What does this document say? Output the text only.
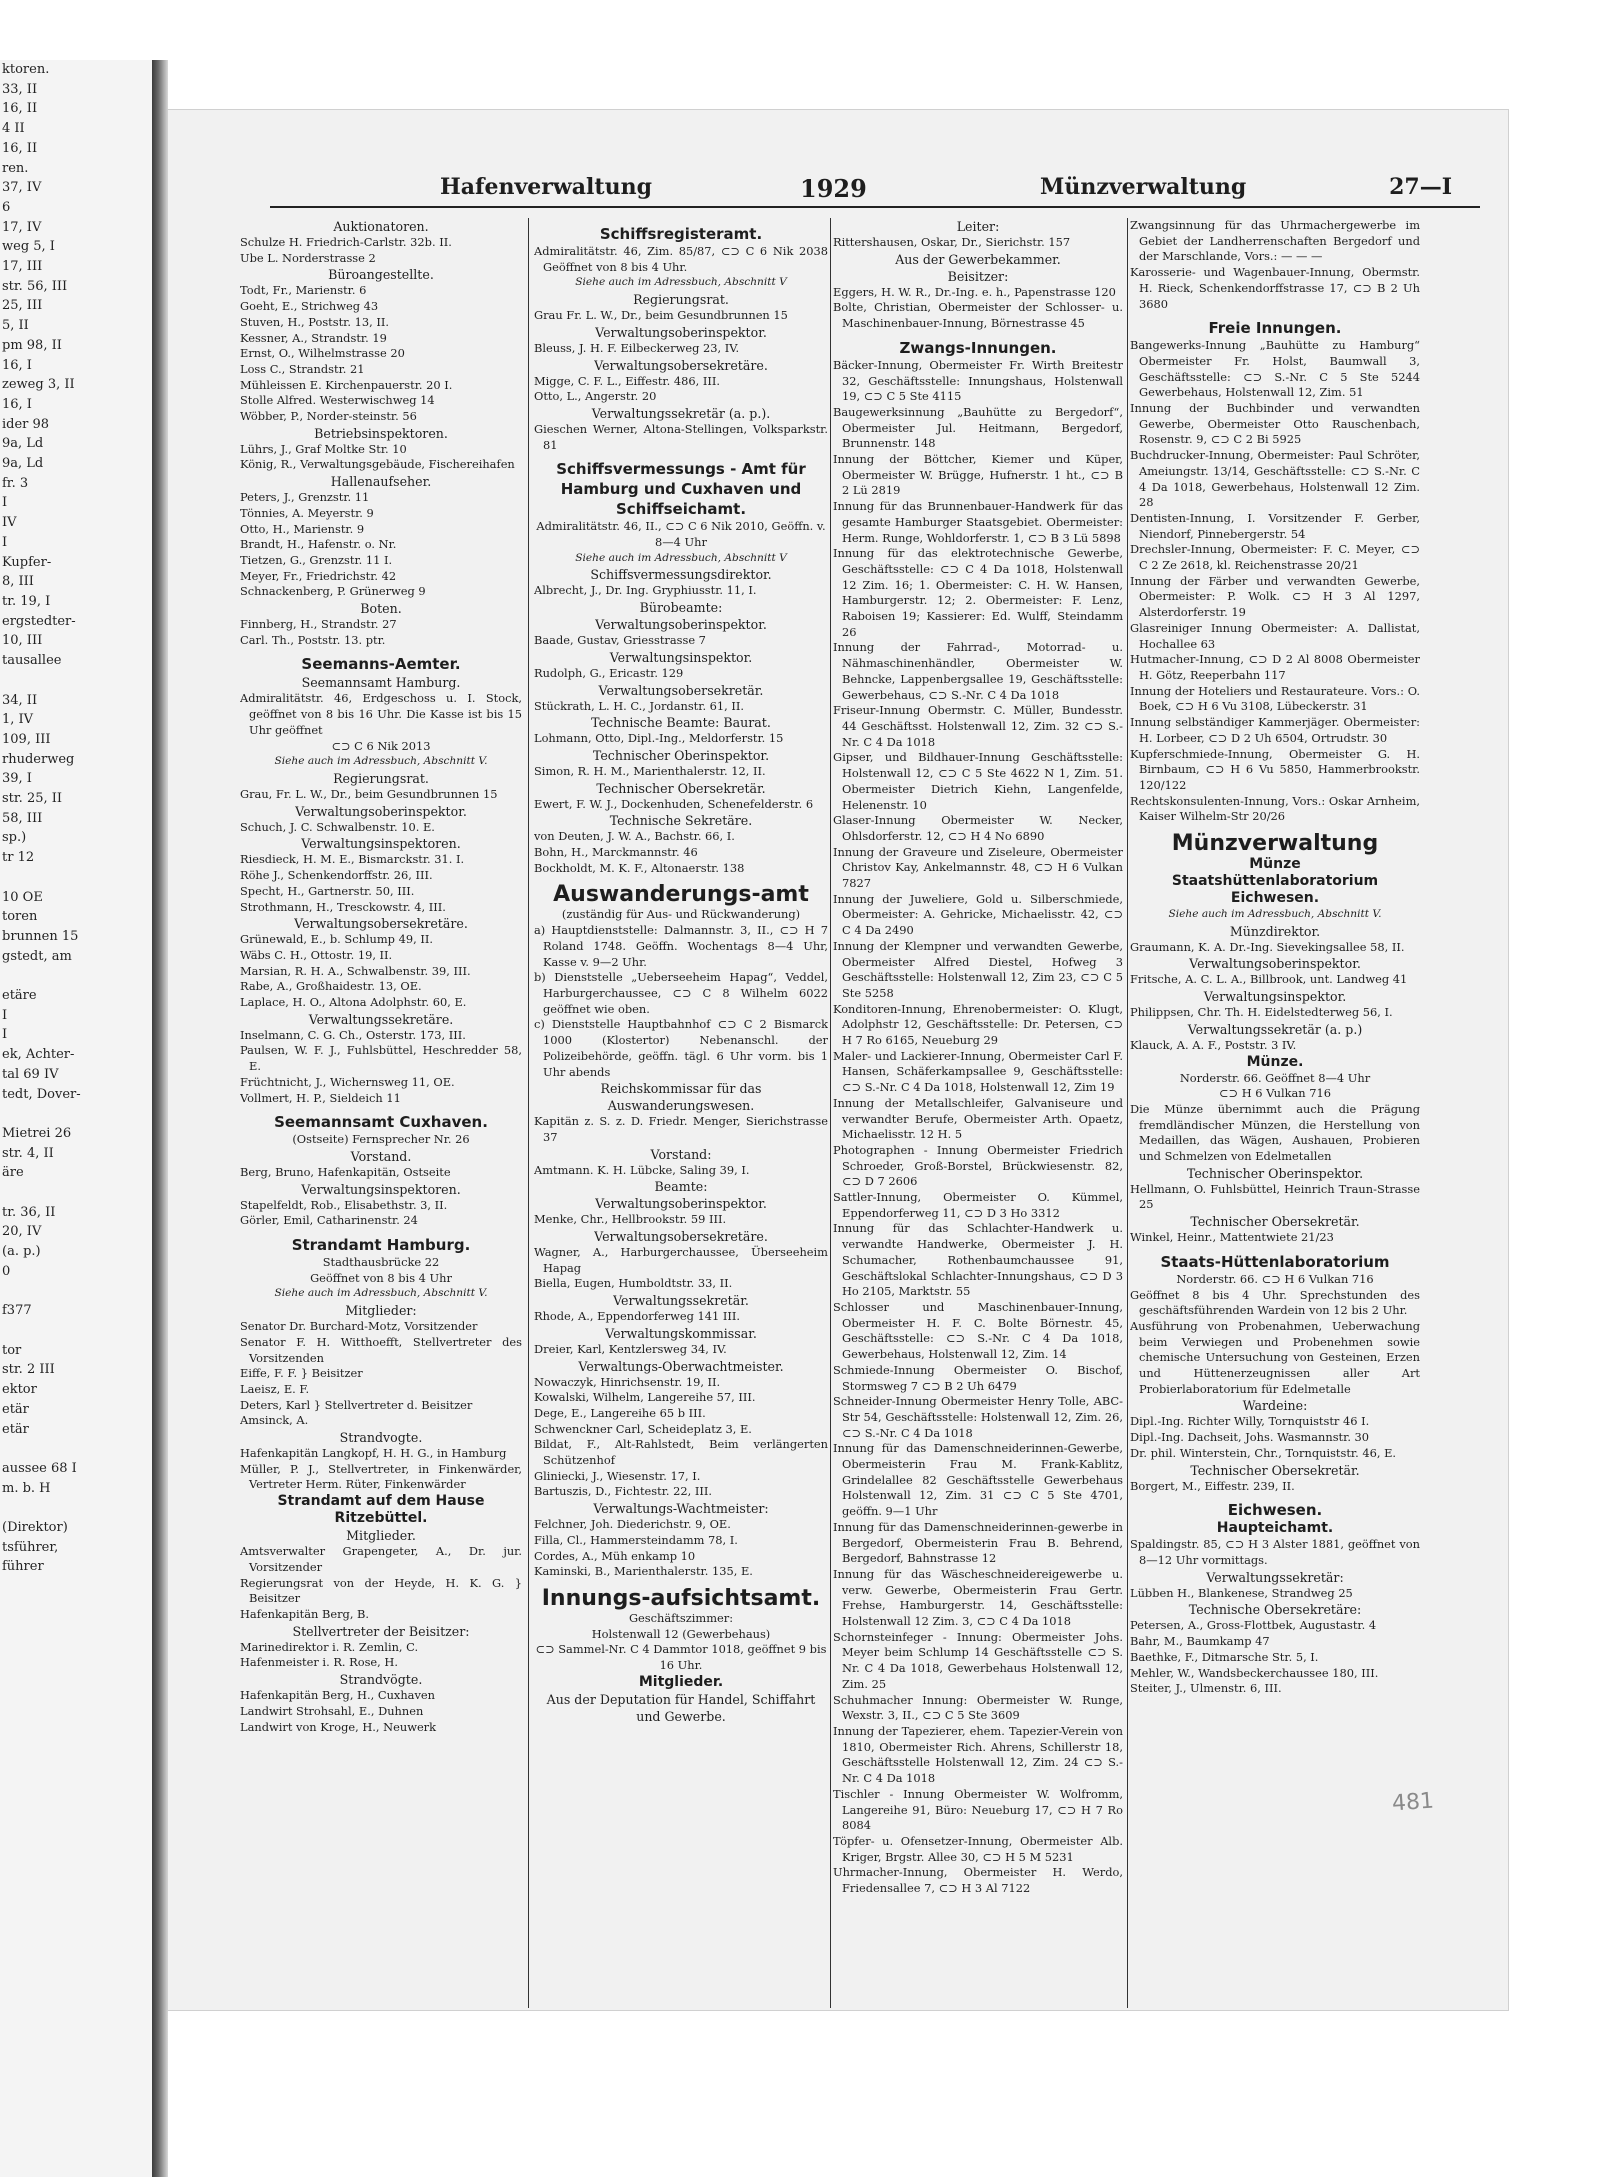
ktoren.
33, II
16, II
4 II
16, II
ren.
37, IV
6
17, IV
weg 5, I
17, III
str. 56, III
25, III
5, II
pm 98, II
16, I
zeweg 3, II
16, I
ider 98
9a, Ld
9a, Ld
fr. 3
I
IV
I
Kupfer-
8, III
tr. 19, I
ergstedter-
10, III
tausallee

34, II
1, IV
109, III
rhuderweg
39, I
str. 25, II
58, III
sp.)
tr 12

10 OE
toren
brunnen 15
gstedt, am

etäre
I
I
ek, Achter-
tal 69 IV
tedt, Dover-

Mietrei 26
str. 4, II
äre

tr. 36, II
20, IV
(a. p.)
0

f377

tor
str. 2 III
ektor
etär
etär

aussee 68 I
m. b. H

(Direktor)
tsführer,
führer
Hafenverwaltung	1929	Münzverwaltung	27—I

Auktionatoren.

Schulze H. Friedrich-Carlstr. 32b. II.

Ube L. Norderstrasse 2

Büroangestellte.

Todt, Fr., Marienstr. 6

Goeht, E., Strichweg 43

Stuven, H., Poststr. 13, II.

Kessner, A., Strandstr. 19

Ernst, O., Wilhelmstrasse 20

Loss C., Strandstr. 21

Mühleissen E. Kirchenpauerstr. 20 I.

Stolle Alfred. Westerwischweg 14

Wöbber, P., Norder-steinstr. 56

Betriebsinspektoren.

Lührs, J., Graf Moltke Str. 10

König, R., Verwaltungsgebäude, Fischereihafen

Hallenaufseher.

Peters, J., Grenzstr. 11

Tönnies, A. Meyerstr. 9

Otto, H., Marienstr. 9

Brandt, H., Hafenstr. o. Nr.

Tietzen, G., Grenzstr. 11 I.

Meyer, Fr., Friedrichstr. 42

Schnackenberg, P. Grünerweg 9

Boten.

Finnberg, H., Strandstr. 27

Carl. Th., Poststr. 13. ptr.

Seemanns-Aemter.

Seemannsamt Hamburg.

Admiralitätstr. 46, Erdgeschoss u. I. Stock, geöffnet von 8 bis 16 Uhr. Die Kasse ist bis 15 Uhr geöffnet

⊂⊃ C 6 Nik 2013

Siehe auch im Adressbuch, Abschnitt V.

Regierungsrat.

Grau, Fr. L. W., Dr., beim Gesundbrunnen 15

Verwaltungsoberinspektor.

Schuch, J. C. Schwalbenstr. 10. E.

Verwaltungsinspektoren.

Riesdieck, H. M. E., Bismarckstr. 31. I.

Röhe J., Schenkendorffstr. 26, III.

Specht, H., Gartnerstr. 50, III.

Strothmann, H., Tresckowstr. 4, III.

Verwaltungsobersekretäre.

Grünewald, E., b. Schlump 49, II.

Wäbs C. H., Ottostr. 19, II.

Marsian, R. H. A., Schwalbenstr. 39, III.

Rabe, A., Großhaidestr. 13, OE.

Laplace, H. O., Altona Adolphstr. 60, E.

Verwaltungssekretäre.

Inselmann, C. G. Ch., Osterstr. 173, III.

Paulsen, W. F. J., Fuhlsbüttel, Heschredder 58, E.

Früchtnicht, J., Wichernsweg 11, OE.

Vollmert, H. P., Sieldeich 11

Seemannsamt Cuxhaven.

(Ostseite) Fernsprecher Nr. 26

Vorstand.

Berg, Bruno, Hafenkapitän, Ostseite

Verwaltungsinspektoren.

Stapelfeldt, Rob., Elisabethstr. 3, II.

Görler, Emil, Catharinenstr. 24

Strandamt Hamburg.

Stadthausbrücke 22

Geöffnet von 8 bis 4 Uhr

Siehe auch im Adressbuch, Abschnitt V.

Mitglieder:

Senator Dr. Burchard-Motz, Vorsitzender

Senator F. H. Witthoefft, Stellvertreter des Vorsitzenden

Eiffe, F. F. } Beisitzer

Laeisz, E. F.

Deters, Karl } Stellvertreter d. Beisitzer

Amsinck, A.

Strandvogte.

Hafenkapitän Langkopf, H. H. G., in Hamburg

Müller, P. J., Stellvertreter, in Finkenwärder, Vertreter Herm. Rüter, Finkenwärder

Strandamt auf dem Hause Ritzebüttel.

Mitglieder.

Amtsverwalter Grapengeter, A., Dr. jur. Vorsitzender

Regierungsrat von der Heyde, H. K. G. } Beisitzer

Hafenkapitän Berg, B.

Stellvertreter der Beisitzer:

Marinedirektor i. R. Zemlin, C.

Hafenmeister i. R. Rose, H.

Strandvögte.

Hafenkapitän Berg, H., Cuxhaven

Landwirt Strohsahl, E., Duhnen

Landwirt von Kroge, H., Neuwerk

Schiffsregisteramt.

Admiralitätstr. 46, Zim. 85/87, ⊂⊃ C 6 Nik 2038 Geöffnet von 8 bis 4 Uhr.

Siehe auch im Adressbuch, Abschnitt V

Regierungsrat.

Grau Fr. L. W., Dr., beim Gesundbrunnen 15

Verwaltungsoberinspektor.

Bleuss, J. H. F. Eilbeckerweg 23, IV.

Verwaltungsobersekretäre.

Migge, C. F. L., Eiffestr. 486, III.

Otto, L., Angerstr. 20

Verwaltungssekretär (a. p.).

Gieschen Werner, Altona-Stellingen, Volksparkstr. 81

Schiffsvermessungs - Amt für Hamburg und Cuxhaven und Schiffseichamt.

Admiralitätstr. 46, II., ⊂⊃ C 6 Nik 2010, Geöffn. v. 8—4 Uhr

Siehe auch im Adressbuch, Abschnitt V

Schiffsvermessungsdirektor.

Albrecht, J., Dr. Ing. Gryphiusstr. 11, I.

Bürobeamte:

Verwaltungsoberinspektor.

Baade, Gustav, Griesstrasse 7

Verwaltungsinspektor.

Rudolph, G., Ericastr. 129

Verwaltungsobersekretär.

Stückrath, L. H. C., Jordanstr. 61, II.

Technische Beamte: Baurat.

Lohmann, Otto, Dipl.-Ing., Meldorferstr. 15

Technischer Oberinspektor.

Simon, R. H. M., Marienthalerstr. 12, II.

Technischer Obersekretär.

Ewert, F. W. J., Dockenhuden, Schenefelderstr. 6

Technische Sekretäre.

von Deuten, J. W. A., Bachstr. 66, I.

Bohn, H., Marckmannstr. 46

Bockholdt, M. K. F., Altonaerstr. 138

Auswanderungs-amt

(zuständig für Aus- und Rückwanderung)

a) Hauptdienststelle: Dalmannstr. 3, II., ⊂⊃ H 7 Roland 1748. Geöffn. Wochentags 8—4 Uhr, Kasse v. 9—2 Uhr.

b) Dienststelle „Ueberseeheim Hapag“, Veddel, Harburgerchaussee, ⊂⊃ C 8 Wilhelm 6022 geöffnet wie oben.

c) Dienststelle Hauptbahnhof ⊂⊃ C 2 Bismarck 1000 (Klostertor) Nebenanschl. der Polizeibehörde, geöffn. tägl. 6 Uhr vorm. bis 1 Uhr abends

Reichskommissar für das Auswanderungswesen.

Kapitän z. S. z. D. Friedr. Menger, Sierichstrasse 37

Vorstand:

Amtmann. K. H. Lübcke, Saling 39, I.

Beamte:

Verwaltungsoberinspektor.

Menke, Chr., Hellbrookstr. 59 III.

Verwaltungsobersekretäre.

Wagner, A., Harburgerchaussee, Überseeheim Hapag

Biella, Eugen, Humboldtstr. 33, II.

Verwaltungssekretär.

Rhode, A., Eppendorferweg 141 III.

Verwaltungskommissar.

Dreier, Karl, Kentzlersweg 34, IV.

Verwaltungs-Oberwachtmeister.

Nowaczyk, Hinrichsenstr. 19, II.

Kowalski, Wilhelm, Langereihe 57, III.

Dege, E., Langereihe 65 b III.

Schwenckner Carl, Scheideplatz 3, E.

Bildat, F., Alt-Rahlstedt, Beim verlängerten Schützenhof

Gliniecki, J., Wiesenstr. 17, I.

Bartuszis, D., Fichtestr. 22, III.

Verwaltungs-Wachtmeister:

Felchner, Joh. Diederichstr. 9, OE.

Filla, Cl., Hammersteindamm 78, I.

Cordes, A., Müh enkamp 10

Kaminski, B., Marienthalerstr. 135, E.

Innungs-aufsichtsamt.

Geschäftszimmer:

Holstenwall 12 (Gewerbehaus)

⊂⊃ Sammel-Nr. C 4 Dammtor 1018, geöffnet 9 bis 16 Uhr.

Mitglieder.

Aus der Deputation für Handel, Schiffahrt und Gewerbe.

Leiter:

Rittershausen, Oskar, Dr., Sierichstr. 157

Aus der Gewerbekammer.

Beisitzer:

Eggers, H. W. R., Dr.-Ing. e. h., Papenstrasse 120

Bolte, Christian, Obermeister der Schlosser- u. Maschinenbauer-Innung, Börnestrasse 45

Zwangs-Innungen.

Bäcker-Innung, Obermeister Fr. Wirth Breitestr 32, Geschäftsstelle: Innungshaus, Holstenwall 19, ⊂⊃ C 5 Ste 4115

Baugewerksinnung „Bauhütte zu Bergedorf“, Obermeister Jul. Heitmann, Bergedorf, Brunnenstr. 148

Innung der Böttcher, Kiemer und Küper, Obermeister W. Brügge, Hufnerstr. 1 ht., ⊂⊃ B 2 Lü 2819

Innung für das Brunnenbauer-Handwerk für das gesamte Hamburger Staatsgebiet. Obermeister: Herm. Runge, Wohldorferstr. 1, ⊂⊃ B 3 Lü 5898

Innung für das elektrotechnische Gewerbe, Geschäftsstelle: ⊂⊃ C 4 Da 1018, Holstenwall 12 Zim. 16; 1. Obermeister: C. H. W. Hansen, Hamburgerstr. 12; 2. Obermeister: F. Lenz, Raboisen 19; Kassierer: Ed. Wulff, Steindamm 26

Innung der Fahrrad-, Motorrad- u. Nähmaschinenhändler, Obermeister W. Behncke, Lappenbergsallee 19, Geschäftsstelle: Gewerbehaus, ⊂⊃ S.-Nr. C 4 Da 1018

Friseur-Innung Obermstr. C. Müller, Bundesstr. 44 Geschäftsst. Holstenwall 12, Zim. 32 ⊂⊃ S.-Nr. C 4 Da 1018

Gipser, und Bildhauer-Innung Geschäftsstelle: Holstenwall 12, ⊂⊃ C 5 Ste 4622 N 1, Zim. 51. Obermeister Dietrich Kiehn, Langenfelde, Helenenstr. 10

Glaser-Innung Obermeister W. Necker, Ohlsdorferstr. 12, ⊂⊃ H 4 No 6890

Innung der Graveure und Ziseleure, Obermeister Christov Kay, Ankelmannstr. 48, ⊂⊃ H 6 Vulkan 7827

Innung der Juweliere, Gold u. Silberschmiede, Obermeister: A. Gehricke, Michaelisstr. 42, ⊂⊃ C 4 Da 2490

Innung der Klempner und verwandten Gewerbe, Obermeister Alfred Diestel, Hofweg 3 Geschäftsstelle: Holstenwall 12, Zim 23, ⊂⊃ C 5 Ste 5258

Konditoren-Innung, Ehrenobermeister: O. Klugt, Adolphstr 12, Geschäftsstelle: Dr. Petersen, ⊂⊃ H 7 Ro 6165, Neueburg 29

Maler- und Lackierer-Innung, Obermeister Carl F. Hansen, Schäferkampsallee 9, Geschäftsstelle: ⊂⊃ S.-Nr. C 4 Da 1018, Holstenwall 12, Zim 19

Innung der Metallschleifer, Galvaniseure und verwandter Berufe, Obermeister Arth. Opaetz, Michaelisstr. 12 H. 5

Photographen - Innung Obermeister Friedrich Schroeder, Groß-Borstel, Brückwiesenstr. 82, ⊂⊃ D 7 2606

Sattler-Innung, Obermeister O. Kümmel, Eppendorferweg 11, ⊂⊃ D 3 Ho 3312

Innung für das Schlachter-Handwerk u. verwandte Handwerke, Obermeister J. H. Schumacher, Rothenbaumchaussee 91, Geschäftslokal Schlachter-Innungshaus, ⊂⊃ D 3 Ho 2105, Marktstr. 55

Schlosser und Maschinenbauer-Innung, Obermeister H. F. C. Bolte Börnestr. 45, Geschäftsstelle: ⊂⊃ S.-Nr. C 4 Da 1018, Gewerbehaus, Holstenwall 12, Zim. 14

Schmiede-Innung Obermeister O. Bischof, Stormsweg 7 ⊂⊃ B 2 Uh 6479

Schneider-Innung Obermeister Henry Tolle, ABC-Str 54, Geschäftsstelle: Holstenwall 12, Zim. 26, ⊂⊃ S.-Nr. C 4 Da 1018

Innung für das Damenschneiderinnen-Gewerbe, Obermeisterin Frau M. Frank-Kablitz, Grindelallee 82 Geschäftsstelle Gewerbehaus Holstenwall 12, Zim. 31 ⊂⊃ C 5 Ste 4701, geöffn. 9—1 Uhr

Innung für das Damenschneiderinnen-gewerbe in Bergedorf, Obermeisterin Frau B. Behrend, Bergedorf, Bahnstrasse 12

Innung für das Wäscheschneidereigewerbe u. verw. Gewerbe, Obermeisterin Frau Gertr. Frehse, Hamburgerstr. 14, Geschäftsstelle: Holstenwall 12 Zim. 3, ⊂⊃ C 4 Da 1018

Schornsteinfeger - Innung: Obermeister Johs. Meyer beim Schlump 14 Geschäftsstelle ⊂⊃ S. Nr. C 4 Da 1018, Gewerbehaus Holstenwall 12, Zim. 25

Schuhmacher Innung: Obermeister W. Runge, Wexstr. 3, II., ⊂⊃ C 5 Ste 3609

Innung der Tapezierer, ehem. Tapezier-Verein von 1810, Obermeister Rich. Ahrens, Schillerstr 18, Geschäftsstelle Holstenwall 12, Zim. 24 ⊂⊃ S.-Nr. C 4 Da 1018

Tischler - Innung Obermeister W. Wolfromm, Langereihe 91, Büro: Neueburg 17, ⊂⊃ H 7 Ro 8084

Töpfer- u. Ofensetzer-Innung, Obermeister Alb. Kriger, Brgstr. Allee 30, ⊂⊃ H 5 M 5231

Uhrmacher-Innung, Obermeister H. Werdo, Friedensallee 7, ⊂⊃ H 3 Al 7122

Zwangsinnung für das Uhrmachergewerbe im Gebiet der Landherrenschaften Bergedorf und der Marschlande, Vors.: — — —

Karosserie- und Wagenbauer-Innung, Obermstr. H. Rieck, Schenkendorffstrasse 17, ⊂⊃ B 2 Uh 3680

Freie Innungen.

Bangewerks-Innung „Bauhütte zu Hamburg“ Obermeister Fr. Holst, Baumwall 3, Geschäftsstelle: ⊂⊃ S.-Nr. C 5 Ste 5244 Gewerbehaus, Holstenwall 12, Zim. 51

Innung der Buchbinder und verwandten Gewerbe, Obermeister Otto Rauschenbach, Rosenstr. 9, ⊂⊃ C 2 Bi 5925

Buchdrucker-Innung, Obermeister: Paul Schröter, Ameiungstr. 13/14, Geschäftsstelle: ⊂⊃ S.-Nr. C 4 Da 1018, Gewerbehaus, Holstenwall 12 Zim. 28

Dentisten-Innung, I. Vorsitzender F. Gerber, Niendorf, Pinnebergerstr. 54

Drechsler-Innung, Obermeister: F. C. Meyer, ⊂⊃ C 2 Ze 2618, kl. Reichenstrasse 20/21

Innung der Färber und verwandten Gewerbe, Obermeister: P. Wolk. ⊂⊃ H 3 Al 1297, Alsterdorferstr. 19

Glasreiniger Innung Obermeister: A. Dallistat, Hochallee 63

Hutmacher-Innung, ⊂⊃ D 2 Al 8008 Obermeister H. Götz, Reeperbahn 117

Innung der Hoteliers und Restaurateure. Vors.: O. Boek, ⊂⊃ H 6 Vu 3108, Lübeckerstr. 31

Innung selbständiger Kammerjäger. Obermeister: H. Lorbeer, ⊂⊃ D 2 Uh 6504, Ortrudstr. 30

Kupferschmiede-Innung, Obermeister G. H. Birnbaum, ⊂⊃ H 6 Vu 5850, Hammerbrookstr. 120/122

Rechtskonsulenten-Innung, Vors.: Oskar Arnheim, Kaiser Wilhelm-Str 20/26

Münzverwaltung

Münze

Staatshüttenlaboratorium

Eichwesen.

Siehe auch im Adressbuch, Abschnitt V.

Münzdirektor.

Graumann, K. A. Dr.-Ing. Sievekingsallee 58, II.

Verwaltungsoberinspektor.

Fritsche, A. C. L. A., Billbrook, unt. Landweg 41

Verwaltungsinspektor.

Philippsen, Chr. Th. H. Eidelstedterweg 56, I.

Verwaltungssekretär (a. p.)

Klauck, A. A. F., Poststr. 3 IV.

Münze.

Norderstr. 66. Geöffnet 8—4 Uhr

⊂⊃ H 6 Vulkan 716

Die Münze übernimmt auch die Prägung fremdländischer Münzen, die Herstellung von Medaillen, das Wägen, Aushauen, Probieren und Schmelzen von Edelmetallen

Technischer Oberinspektor.

Hellmann, O. Fuhlsbüttel, Heinrich Traun-Strasse 25

Technischer Obersekretär.

Winkel, Heinr., Mattentwiete 21/23

Staats-Hüttenlaboratorium

Norderstr. 66. ⊂⊃ H 6 Vulkan 716

Geöffnet 8 bis 4 Uhr. Sprechstunden des geschäftsführenden Wardein von 12 bis 2 Uhr.

Ausführung von Probenahmen, Ueberwachung beim Verwiegen und Probenehmen sowie chemische Untersuchung von Gesteinen, Erzen und Hüttenerzeugnissen aller Art Probierlaboratorium für Edelmetalle

Wardeine:

Dipl.-Ing. Richter Willy, Tornquiststr 46 I.

Dipl.-Ing. Dachseit, Johs. Wasmannstr. 30

Dr. phil. Winterstein, Chr., Tornquiststr. 46, E.

Technischer Obersekretär.

Borgert, M., Eiffestr. 239, II.

Eichwesen.

Haupteichamt.

Spaldingstr. 85, ⊂⊃ H 3 Alster 1881, geöffnet von 8—12 Uhr vormittags.

Verwaltungssekretär:

Lübben H., Blankenese, Strandweg 25

Technische Obersekretäre:

Petersen, A., Gross-Flottbek, Augustastr. 4

Bahr, M., Baumkamp 47

Baethke, F., Ditmarsche Str. 5, I.

Mehler, W., Wandsbeckerchaussee 180, III.

Steiter, J., Ulmenstr. 6, III.

481
